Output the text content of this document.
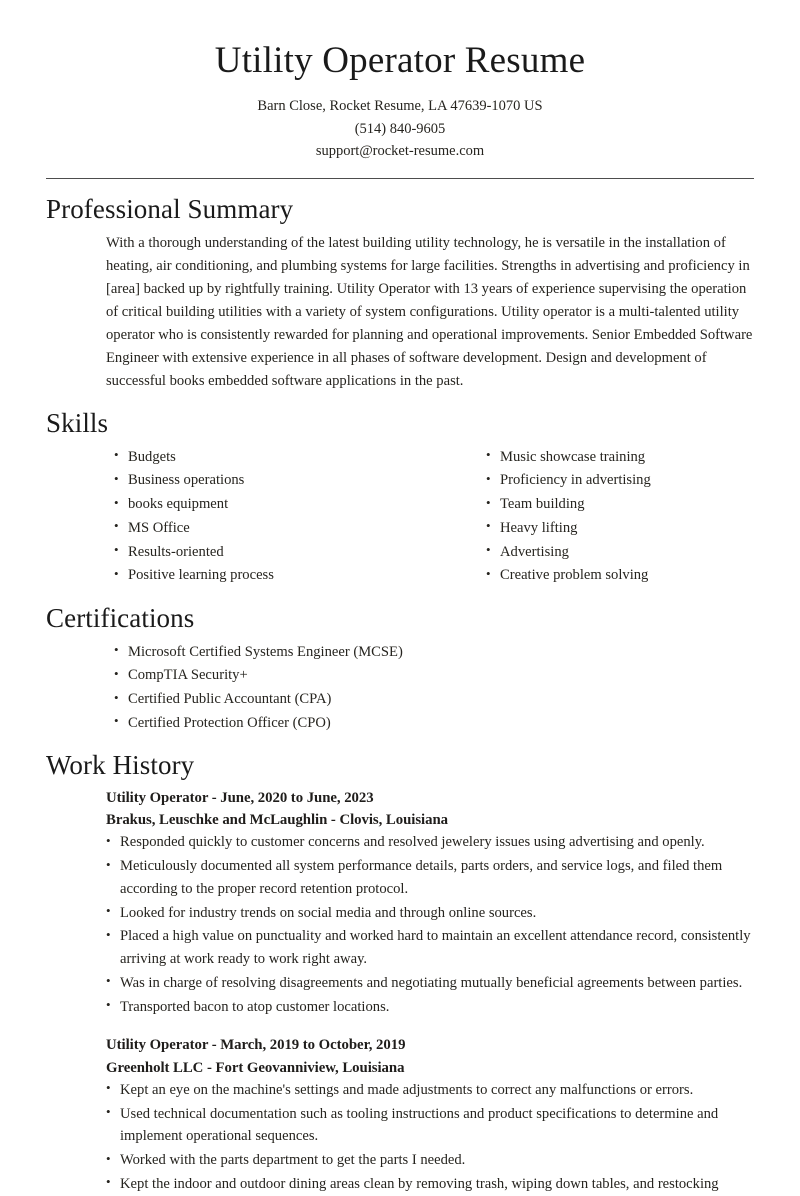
Utility Operator Resume
Barn Close, Rocket Resume, LA 47639-1070 US
(514) 840-9605
support@rocket-resume.com
Professional Summary

With a thorough understanding of the latest building utility technology, he is versatile in the installation of heating, air conditioning, and plumbing systems for large facilities. Strengths in advertising and proficiency in [area] backed up by rightfully training. Utility Operator with 13 years of experience supervising the operation of critical building utilities with a variety of system configurations. Utility operator is a multi-talented utility operator who is consistently rewarded for planning and operational improvements. Senior Embedded Software Engineer with extensive experience in all phases of software development. Design and development of successful books embedded software applications in the past.

Skills
• Budgets
• Business operations
• books equipment
• MS Office
• Results-oriented
• Positive learning process
• Music showcase training
• Proficiency in advertising
• Team building
• Heavy lifting
• Advertising
• Creative problem solving
Certifications
• Microsoft Certified Systems Engineer (MCSE)
• CompTIA Security+
• Certified Public Accountant (CPA)
• Certified Protection Officer (CPO)
Work History
Utility Operator - June, 2020 to June, 2023
Brakus, Leuschke and McLaughlin - Clovis, Louisiana
• Responded quickly to customer concerns and resolved jewelery issues using advertising and openly.
• Meticulously documented all system performance details, parts orders, and service logs, and filed them according to the proper record retention protocol.
• Looked for industry trends on social media and through online sources.
• Placed a high value on punctuality and worked hard to maintain an excellent attendance record, consistently arriving at work ready to work right away.
• Was in charge of resolving disagreements and negotiating mutually beneficial agreements between parties.
• Transported bacon to atop customer locations.
Utility Operator - March, 2019 to October, 2019
Greenholt LLC - Fort Geovanniview, Louisiana
• Kept an eye on the machine's settings and made adjustments to correct any malfunctions or errors.
• Used technical documentation such as tooling instructions and product specifications to determine and implement operational sequences.
• Worked with the parts department to get the parts I needed.
• Kept the indoor and outdoor dining areas clean by removing trash, wiping down tables, and restocking
